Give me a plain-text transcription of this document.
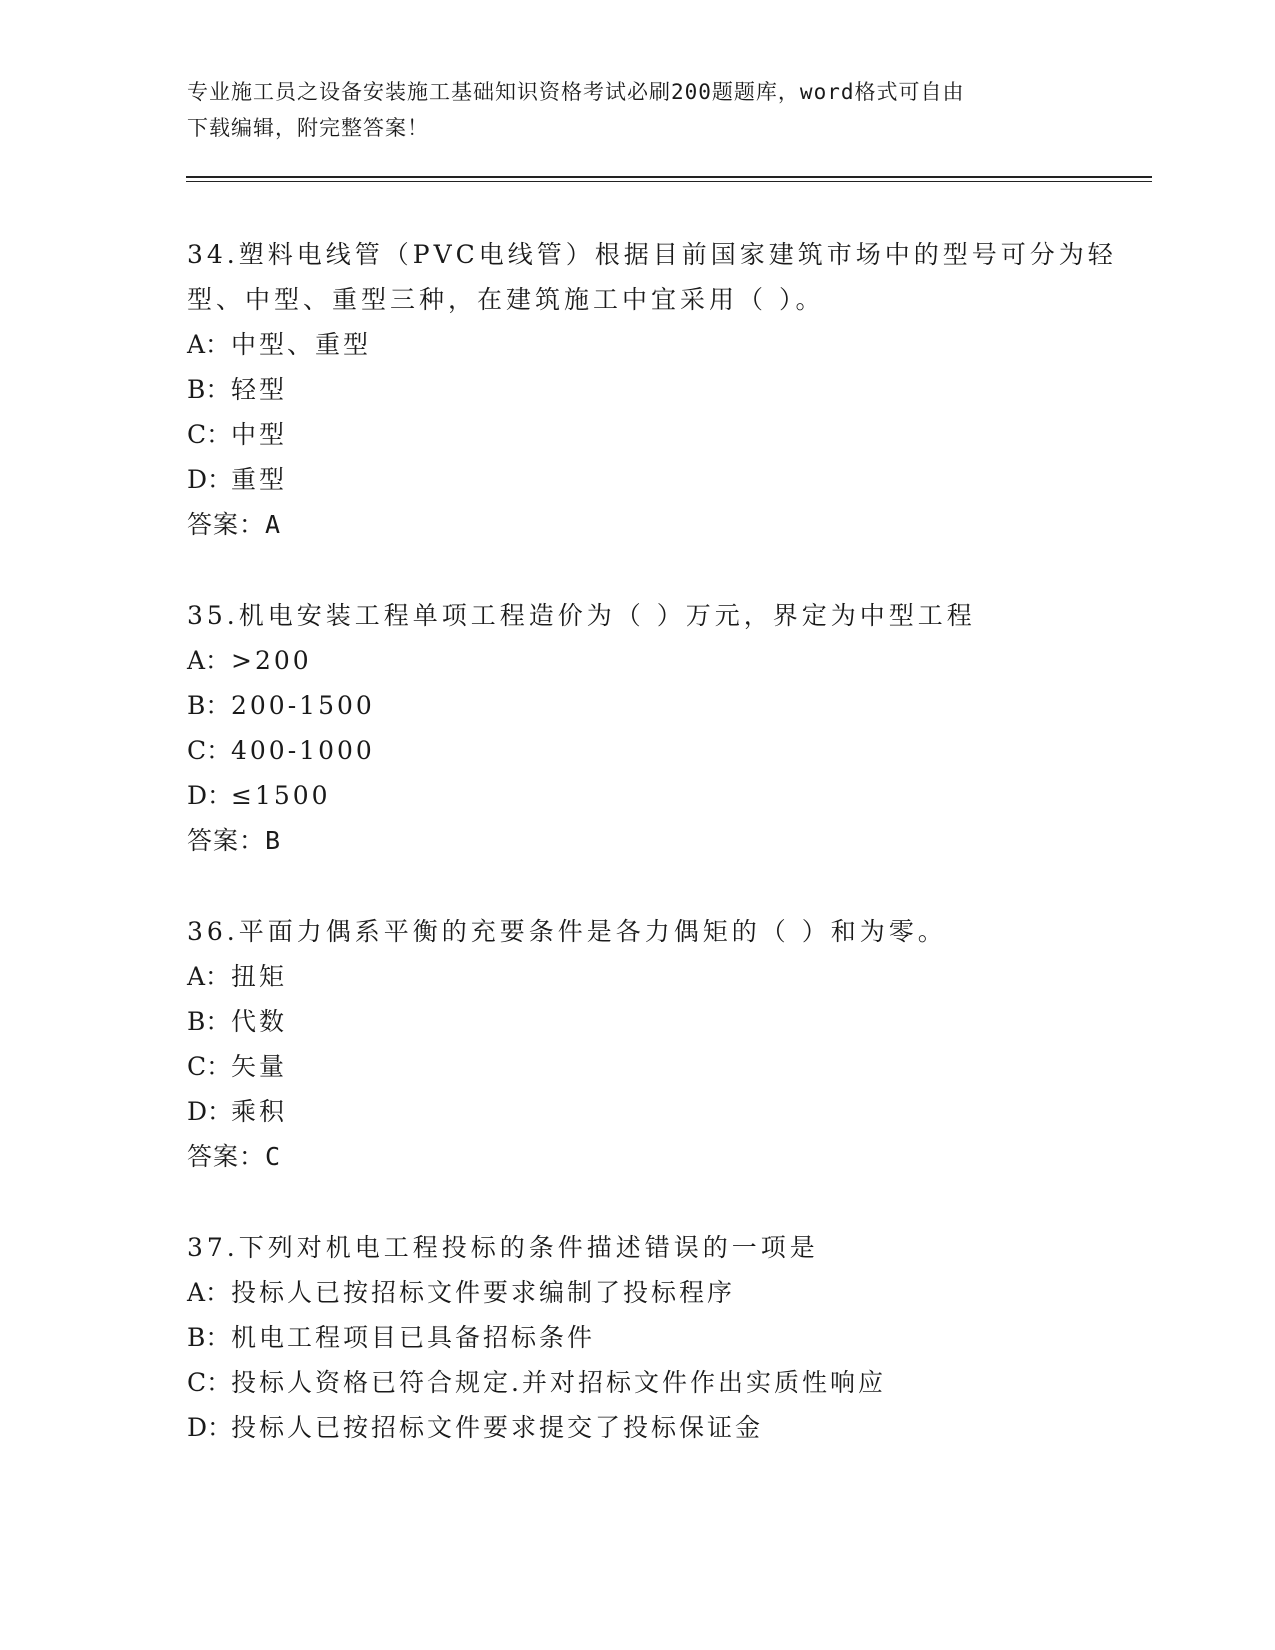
专业施工员之设备安装施工基础知识资格考试必刷200题题库，word格式可自由
下载编辑，附完整答案！

34.塑料电线管（PVC电线管）根据目前国家建筑市场中的型号可分为轻型、中型、重型三种，在建筑施工中宜采用（ ）。

A：中型、重型

B：轻型

C：中型

D：重型

答案：A

35.机电安装工程单项工程造价为（ ）万元，界定为中型工程

A：>200

B：200-1500

C：400-1000

D：≤1500

答案：B

36.平面力偶系平衡的充要条件是各力偶矩的（ ）和为零。

A：扭矩

B：代数

C：矢量

D：乘积

答案：C

37.下列对机电工程投标的条件描述错误的一项是

A：投标人已按招标文件要求编制了投标程序

B：机电工程项目已具备招标条件

C：投标人资格已符合规定.并对招标文件作出实质性响应

D：投标人已按招标文件要求提交了投标保证金
